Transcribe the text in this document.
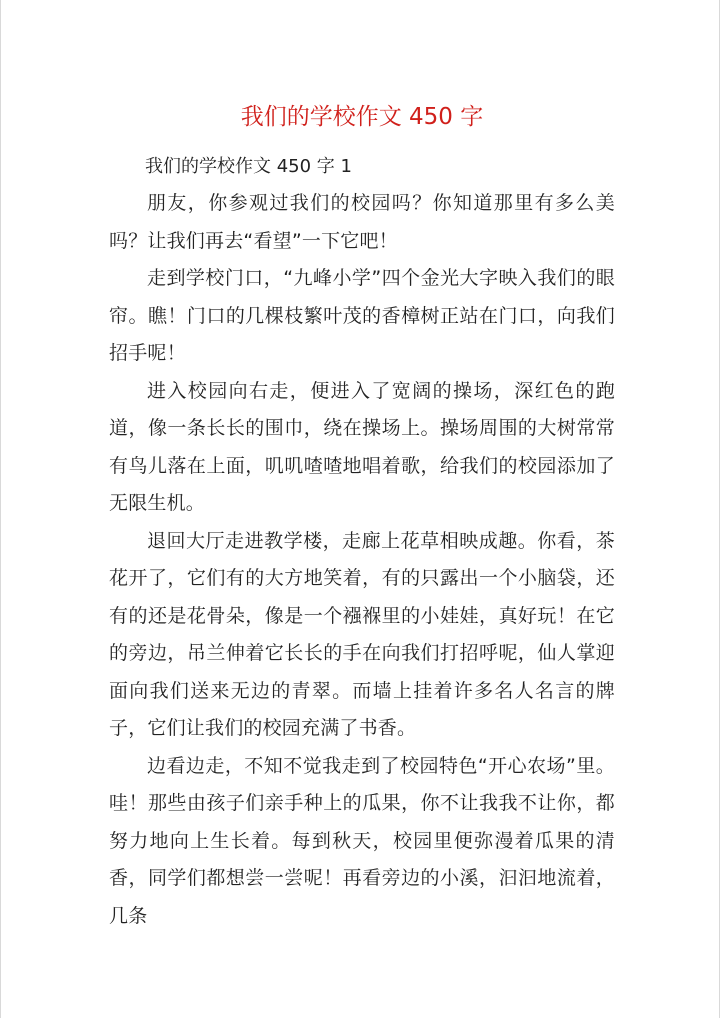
我们的学校作文 450 字

我们的学校作文 450 字 1

朋友，你参观过我们的校园吗？你知道那里有多么美吗？让我们再去“看望”一下它吧！

走到学校门口，“九峰小学”四个金光大字映入我们的眼帘。瞧！门口的几棵枝繁叶茂的香樟树正站在门口，向我们招手呢！

进入校园向右走，便进入了宽阔的操场，深红色的跑道，像一条长长的围巾，绕在操场上。操场周围的大树常常有鸟儿落在上面，叽叽喳喳地唱着歌，给我们的校园添加了无限生机。

退回大厅走进教学楼，走廊上花草相映成趣。你看，茶花开了，它们有的大方地笑着，有的只露出一个小脑袋，还有的还是花骨朵，像是一个襁褓里的小娃娃，真好玩！在它的旁边，吊兰伸着它长长的手在向我们打招呼呢，仙人掌迎面向我们送来无边的青翠。而墙上挂着许多名人名言的牌子，它们让我们的校园充满了书香。

边看边走，不知不觉我走到了校园特色“开心农场”里。哇！那些由孩子们亲手种上的瓜果，你不让我我不让你，都努力地向上生长着。每到秋天，校园里便弥漫着瓜果的清香，同学们都想尝一尝呢！再看旁边的小溪，汩汩地流着，几条
